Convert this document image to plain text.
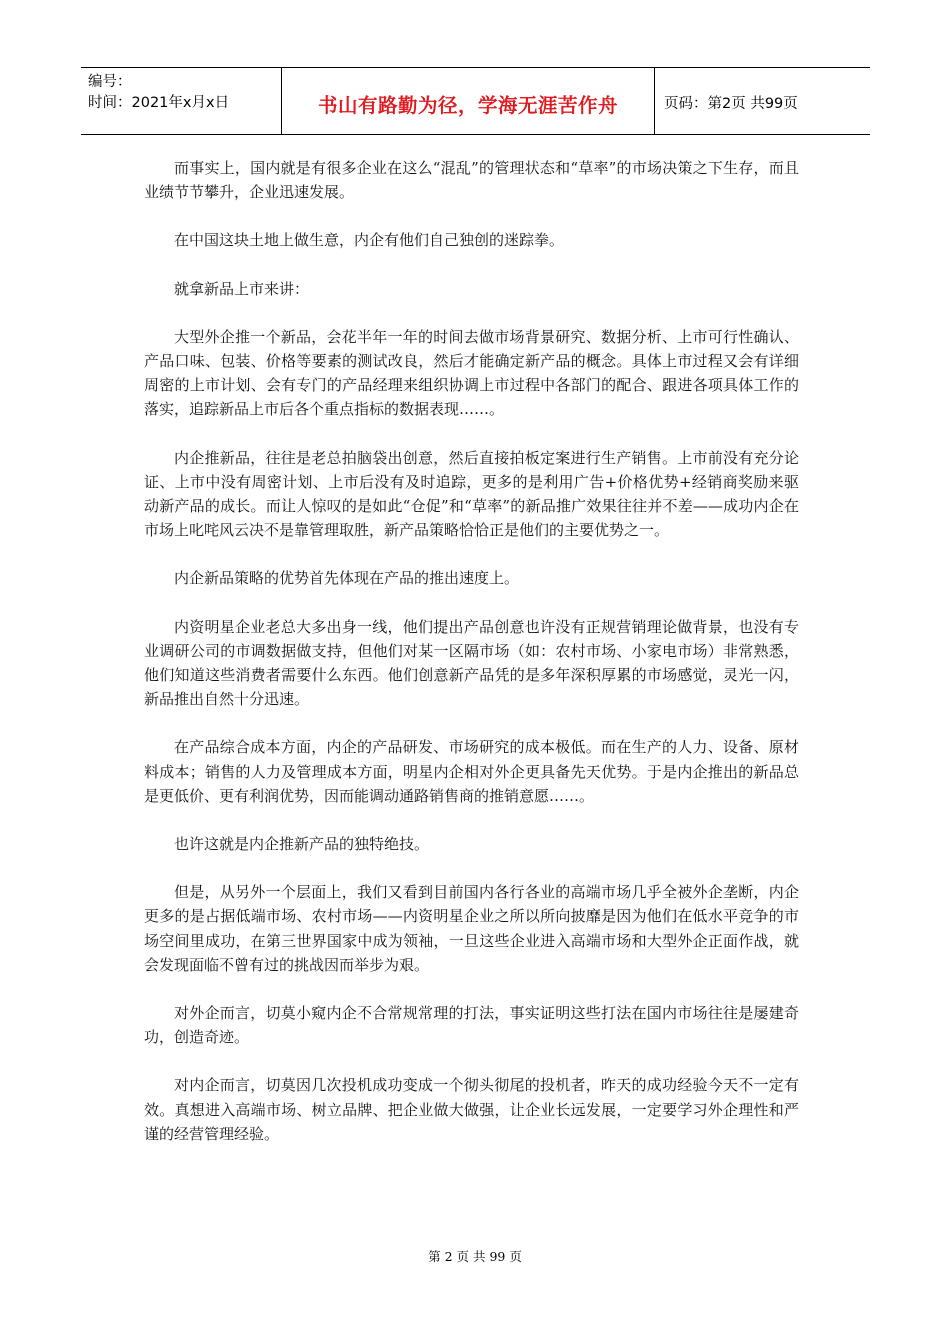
编号：
时间：2021年x月x日	书山有路勤为径，学海无涯苦作舟	页码：第2页 共99页

而事实上，国内就是有很多企业在这么“混乱”的管理状态和“草率”的市场决策之下生存，而且业绩节节攀升，企业迅速发展。

在中国这块土地上做生意，内企有他们自己独创的迷踪拳。

就拿新品上市来讲：

大型外企推一个新品，会花半年一年的时间去做市场背景研究、数据分析、上市可行性确认、产品口味、包装、价格等要素的测试改良，然后才能确定新产品的概念。具体上市过程又会有详细周密的上市计划、会有专门的产品经理来组织协调上市过程中各部门的配合、跟进各项具体工作的落实，追踪新品上市后各个重点指标的数据表现……。

内企推新品，往往是老总拍脑袋出创意，然后直接拍板定案进行生产销售。上市前没有充分论证、上市中没有周密计划、上市后没有及时追踪，更多的是利用广告+价格优势+经销商奖励来驱动新产品的成长。而让人惊叹的是如此“仓促”和“草率”的新品推广效果往往并不差——成功内企在市场上叱咤风云决不是靠管理取胜，新产品策略恰恰正是他们的主要优势之一。

内企新品策略的优势首先体现在产品的推出速度上。

内资明星企业老总大多出身一线，他们提出产品创意也许没有正规营销理论做背景，也没有专业调研公司的市调数据做支持，但他们对某一区隔市场（如：农村市场、小家电市场）非常熟悉，他们知道这些消费者需要什么东西。他们创意新产品凭的是多年深积厚累的市场感觉，灵光一闪，新品推出自然十分迅速。

在产品综合成本方面，内企的产品研发、市场研究的成本极低。而在生产的人力、设备、原材料成本；销售的人力及管理成本方面，明星内企相对外企更具备先天优势。于是内企推出的新品总是更低价、更有利润优势，因而能调动通路销售商的推销意愿……。

也许这就是内企推新产品的独特绝技。

但是，从另外一个层面上，我们又看到目前国内各行各业的高端市场几乎全被外企垄断，内企更多的是占据低端市场、农村市场——内资明星企业之所以所向披靡是因为他们在低水平竞争的市场空间里成功，在第三世界国家中成为领袖，一旦这些企业进入高端市场和大型外企正面作战，就会发现面临不曾有过的挑战因而举步为艰。

对外企而言，切莫小窥内企不合常规常理的打法，事实证明这些打法在国内市场往往是屡建奇功，创造奇迹。

对内企而言，切莫因几次投机成功变成一个彻头彻尾的投机者，昨天的成功经验今天不一定有效。真想进入高端市场、树立品牌、把企业做大做强，让企业长远发展，一定要学习外企理性和严谨的经营管理经验。

第 2 页 共 99 页
